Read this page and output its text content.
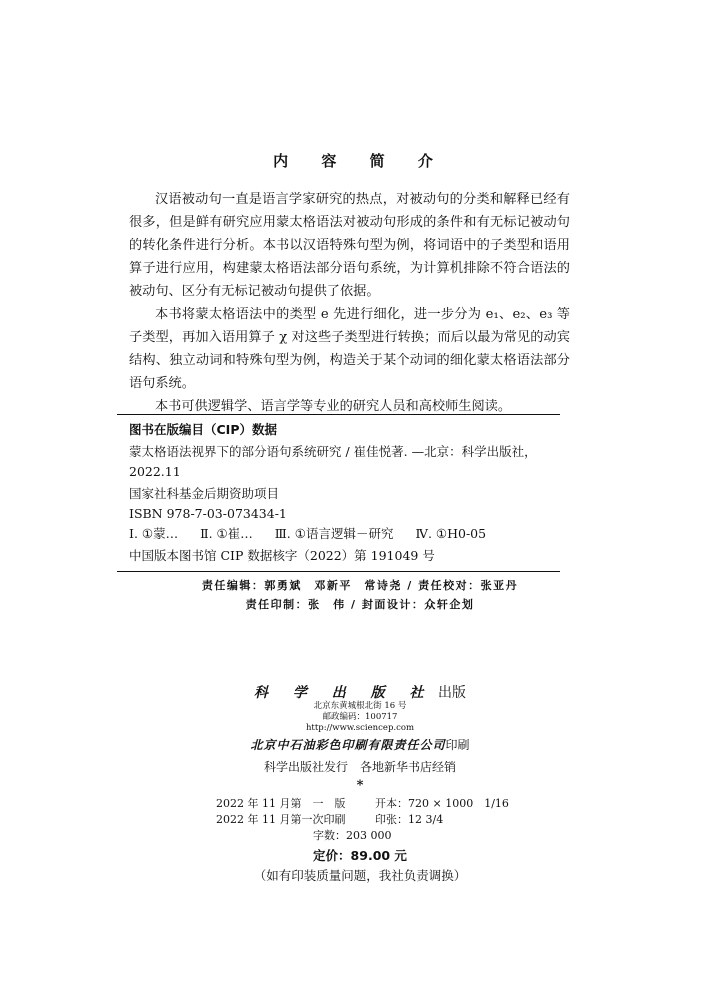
内 容 简 介

汉语被动句一直是语言学家研究的热点，对被动句的分类和解释已经有很多，但是鲜有研究应用蒙太格语法对被动句形成的条件和有无标记被动句的转化条件进行分析。本书以汉语特殊句型为例，将词语中的子类型和语用算子进行应用，构建蒙太格语法部分语句系统，为计算机排除不符合语法的被动句、区分有无标记被动句提供了依据。

本书将蒙太格语法中的类型 e 先进行细化，进一步分为 e₁、e₂、e₃ 等子类型，再加入语用算子 χ 对这些子类型进行转换；而后以最为常见的动宾结构、独立动词和特殊句型为例，构造关于某个动词的细化蒙太格语法部分语句系统。

本书可供逻辑学、语言学等专业的研究人员和高校师生阅读。

图书在版编目（CIP）数据
蒙太格语法视界下的部分语句系统研究 / 崔佳悦著. —北京：科学出版社，2022.11
国家社科基金后期资助项目
ISBN 978-7-03-073434-1
Ⅰ. ①蒙… Ⅱ. ①崔… Ⅲ. ①语言逻辑－研究 Ⅳ. ①H0-05
中国版本图书馆 CIP 数据核字（2022）第 191049 号
责任编辑：郭勇斌　邓新平　常诗尧 / 责任校对：张亚丹
责任印制：张　伟 / 封面设计：众轩企划
科 学 出 版 社 出版
北京东黄城根北街 16 号
邮政编码：100717
http://www.sciencep.com
北京中石油彩色印刷有限责任公司印刷
科学出版社发行　各地新华书店经销
*
2022 年 11 月第　一　版	开本：720 × 1000　1/16
2022 年 11 月第一次印刷	印张：12 3/4
字数：203 000
定价：89.00 元
（如有印装质量问题，我社负责调换）
